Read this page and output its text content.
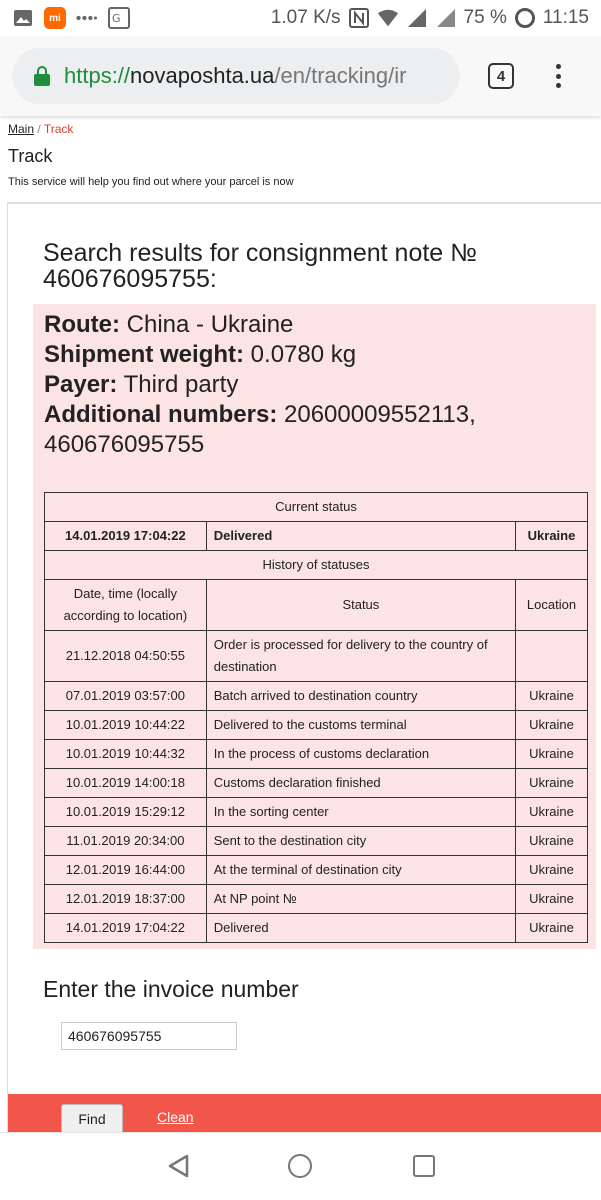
mi	G	1.07 K/s	75 % 11:15
https:// novaposhta.ua /en/tracking/ir	4
Main / Track
Track
This service will help you find out where your parcel is now
Search results for consignment note № 460676095755:
Route: China - Ukraine
Shipment weight: 0.0780 kg
Payer: Third party
Additional numbers: 20600009552113, 460676095755
Current status		
14.01.2019 17:04:22	Delivered	Ukraine
History of statuses		
Date, time (locally according to location)	Status	Location
21.12.2018 04:50:55	Order is processed for delivery to the country of destination	
07.01.2019 03:57:00	Batch arrived to destination country	Ukraine
10.01.2019 10:44:22	Delivered to the customs terminal	Ukraine
10.01.2019 10:44:32	In the process of customs declaration	Ukraine
10.01.2019 14:00:18	Customs declaration finished	Ukraine
10.01.2019 15:29:12	In the sorting center	Ukraine
11.01.2019 20:34:00	Sent to the destination city	Ukraine
12.01.2019 16:44:00	At the terminal of destination city	Ukraine
12.01.2019 18:37:00	At NP point №	Ukraine
14.01.2019 17:04:22	Delivered	Ukraine
Enter the invoice number
460676095755
Find	Clean
